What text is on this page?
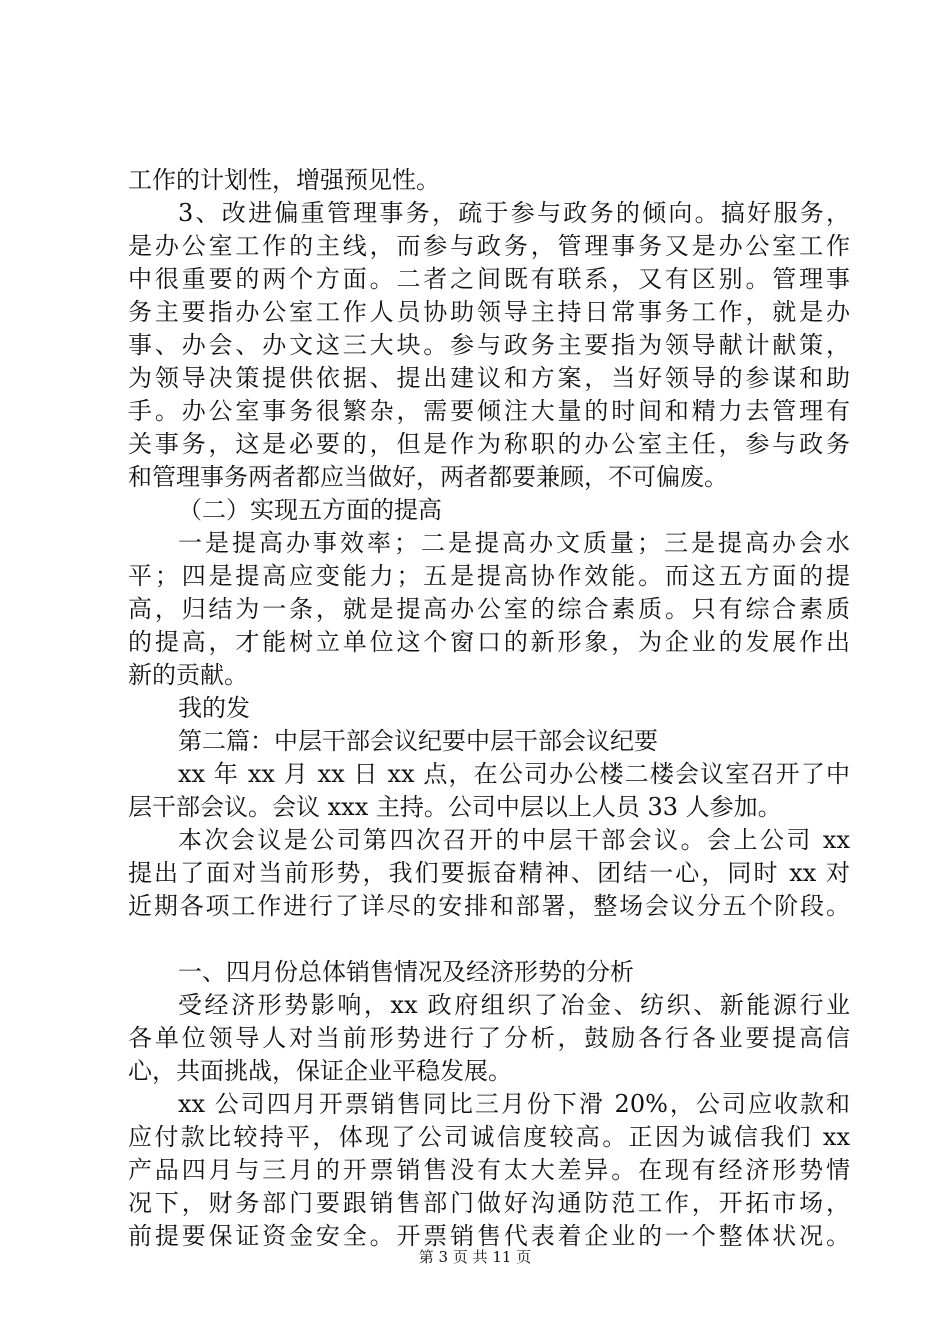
工作的计划性，增强预见性。
3、改进偏重管理事务，疏于参与政务的倾向。搞好服务，
是办公室工作的主线，而参与政务，管理事务又是办公室工作
中很重要的两个方面。二者之间既有联系，又有区别。管理事
务主要指办公室工作人员协助领导主持日常事务工作，就是办
事、办会、办文这三大块。参与政务主要指为领导献计献策，
为领导决策提供依据、提出建议和方案，当好领导的参谋和助
手。办公室事务很繁杂，需要倾注大量的时间和精力去管理有
关事务，这是必要的，但是作为称职的办公室主任，参与政务
和管理事务两者都应当做好，两者都要兼顾，不可偏废。
（二）实现五方面的提高
一是提高办事效率；二是提高办文质量；三是提高办会水
平；四是提高应变能力；五是提高协作效能。而这五方面的提
高，归结为一条，就是提高办公室的综合素质。只有综合素质
的提高，才能树立单位这个窗口的新形象，为企业的发展作出
新的贡献。
我的发
第二篇：中层干部会议纪要中层干部会议纪要
xx 年 xx 月 xx 日 xx 点，在公司办公楼二楼会议室召开了中
层干部会议。会议 xxx 主持。公司中层以上人员 33 人参加。
本次会议是公司第四次召开的中层干部会议。会上公司 xx
提出了面对当前形势，我们要振奋精神、团结一心，同时 xx 对
近期各项工作进行了详尽的安排和部署，整场会议分五个阶段。
一、四月份总体销售情况及经济形势的分析
受经济形势影响，xx 政府组织了冶金、纺织、新能源行业
各单位领导人对当前形势进行了分析，鼓励各行各业要提高信
心，共面挑战，保证企业平稳发展。
xx 公司四月开票销售同比三月份下滑 20%，公司应收款和
应付款比较持平，体现了公司诚信度较高。正因为诚信我们 xx
产品四月与三月的开票销售没有太大差异。在现有经济形势情
况下，财务部门要跟销售部门做好沟通防范工作，开拓市场，
前提要保证资金安全。开票销售代表着企业的一个整体状况。
第 3 页 共 11 页
